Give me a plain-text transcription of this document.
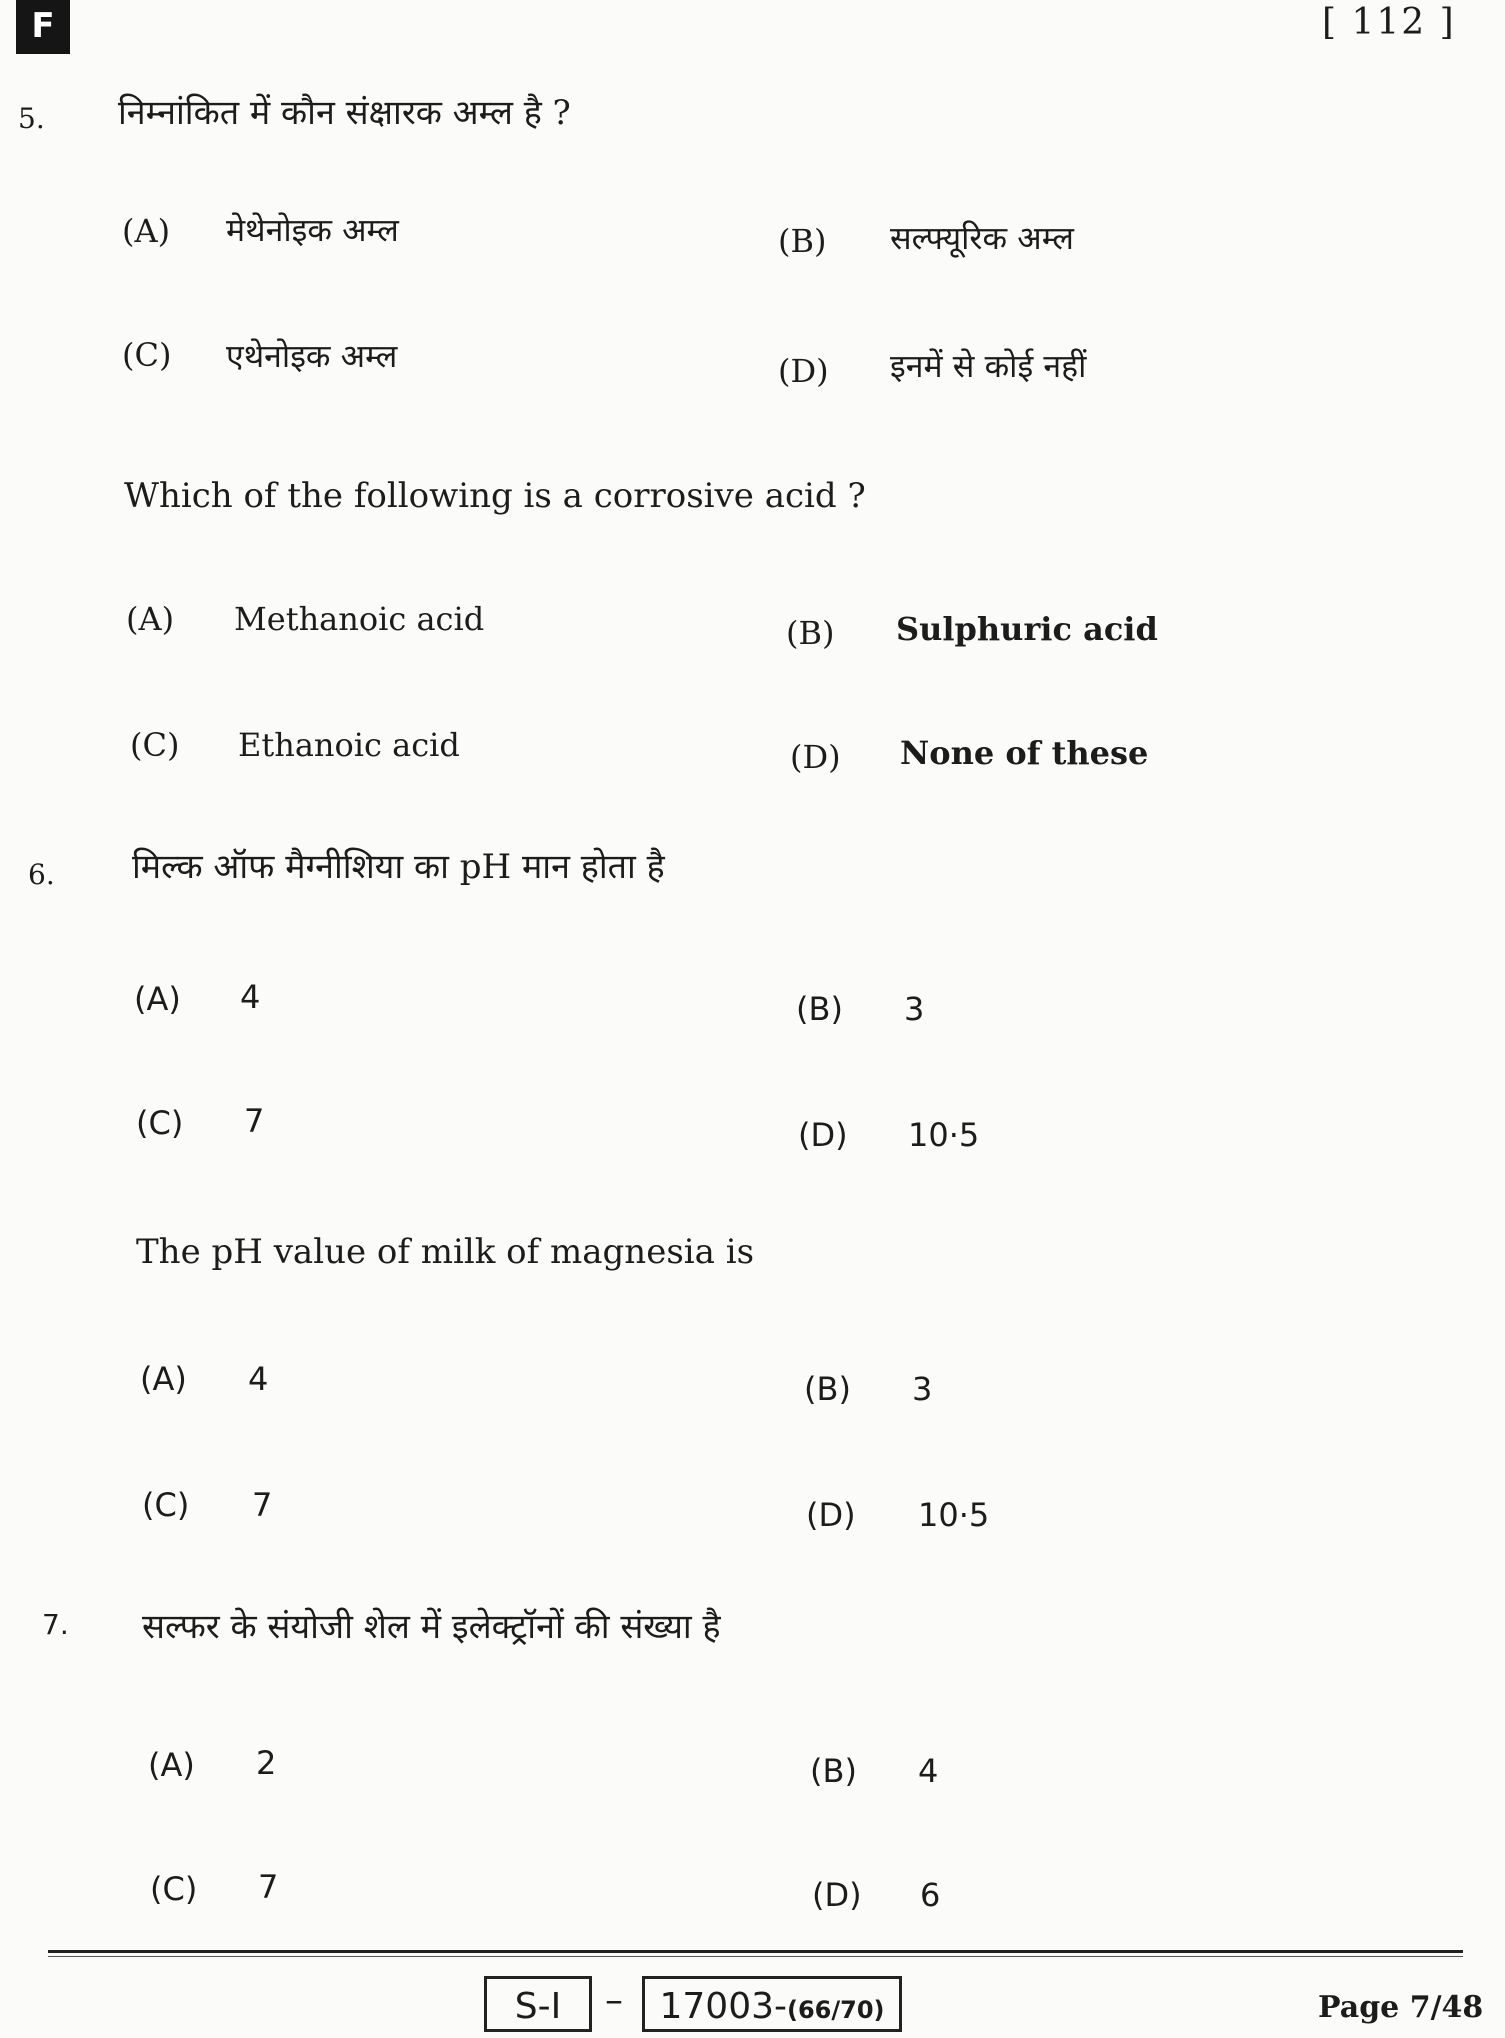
F	[ 112 ]
5. निम्नांकित में कौन संक्षारक अम्ल है ?
(A) मेथेनोइक अम्ल	(B) सल्फ्यूरिक अम्ल
(C) एथेनोइक अम्ल	(D) इनमें से कोई नहीं
Which of the following is a corrosive acid ?
(A) Methanoic acid	(B) Sulphuric acid
(C) Ethanoic acid	(D) None of these
6. मिल्क ऑफ मैग्नीशिया का pH मान होता है
(A) 4	(B) 3
(C) 7	(D) 10·5
The pH value of milk of magnesia is
(A) 4	(B) 3
(C) 7	(D) 10·5
7. सल्फर के संयोजी शेल में इलेक्ट्रॉनों की संख्या है
(A) 2	(B) 4
(C) 7	(D) 6
S-I	–	17003-(66/70)	Page 7/48
